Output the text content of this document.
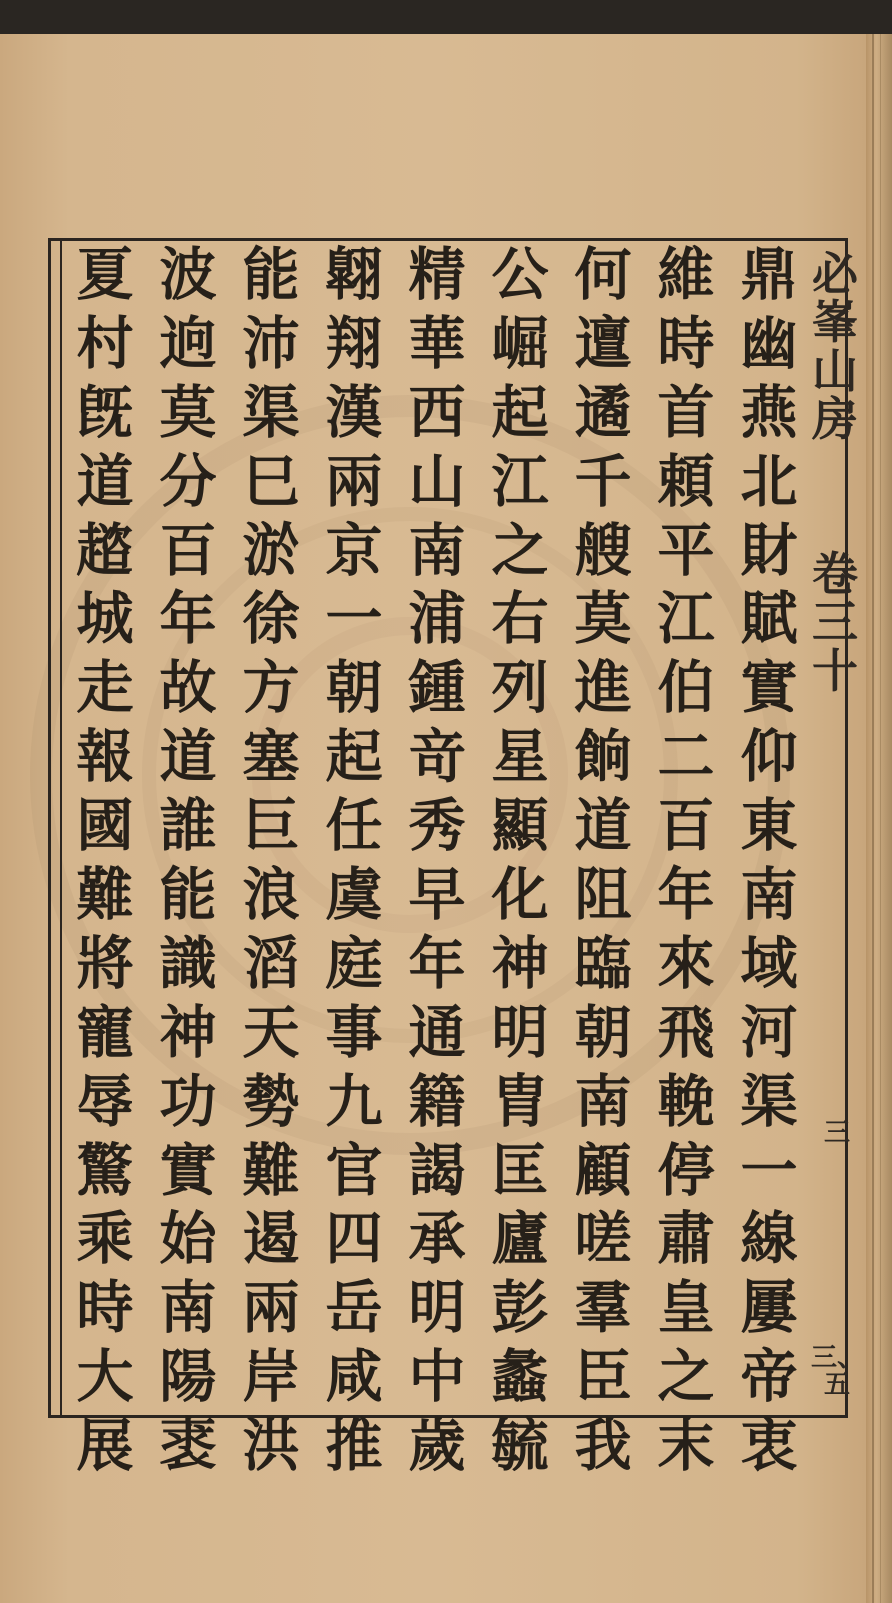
鼎
幽
燕
北
財
賦
實
仰
東
南
域
河
渠
一
線
屢
帝
衷
維
時
首
頼
平
江
伯
二
百
年
來
飛
輓
停
肅
皇
之
末
何
邅
遹
千
艘
莫
進
餉
道
阻
臨
朝
南
顧
嗟
羣
臣
我
公
崛
起
江
之
右
列
星
顯
化
神
明
胄
匡
廬
彭
蠡
毓
精
華
西
山
南
浦
鍾
竒
秀
早
年
通
籍
謁
承
明
中
歲
翺
翔
漢
兩
京
一
朝
起
任
虞
庭
事
九
官
四
岳
咸
推
能
沛
渠
巳
淤
徐
方
塞
巨
浪
滔
天
勢
難
遏
兩
岸
洪
波
逈
莫
分
百
年
故
道
誰
能
識
神
功
實
始
南
陽
𧚍
夏
村
旣
道
趦
城
走
報
國
難
將
寵
辱
驚
乘
時
大
展
必峯山房
卷三十
三
三、五
